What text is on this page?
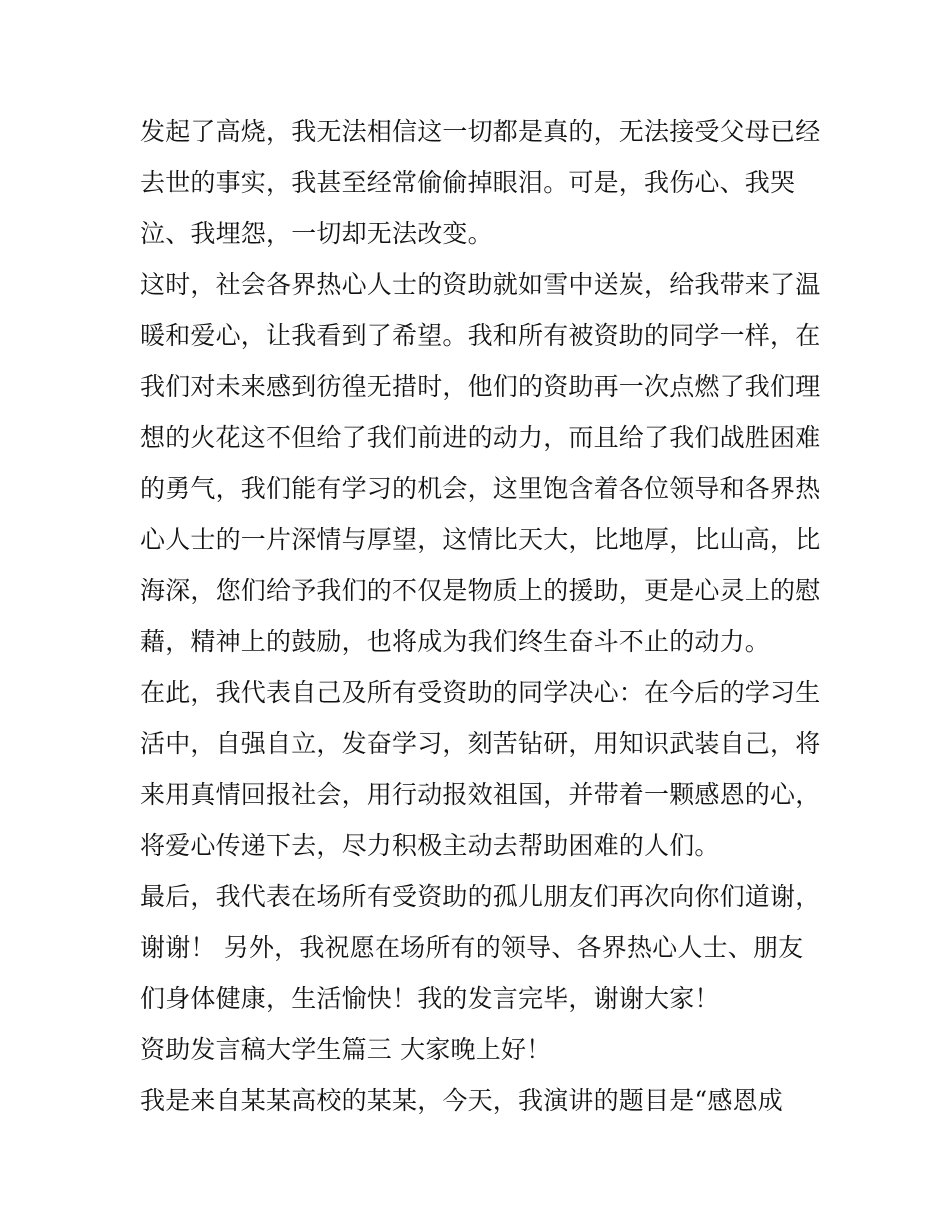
发起了高烧，我无法相信这一切都是真的，无法接受父母已经
去世的事实，我甚至经常偷偷掉眼泪。可是，我伤心、我哭
泣、我埋怨，一切却无法改变。
这时，社会各界热心人士的资助就如雪中送炭，给我带来了温
暖和爱心，让我看到了希望。我和所有被资助的同学一样，在
我们对未来感到彷徨无措时，他们的资助再一次点燃了我们理
想的火花这不但给了我们前进的动力，而且给了我们战胜困难
的勇气，我们能有学习的机会，这里饱含着各位领导和各界热
心人士的一片深情与厚望，这情比天大，比地厚，比山高，比
海深，您们给予我们的不仅是物质上的援助，更是心灵上的慰
藉，精神上的鼓励，也将成为我们终生奋斗不止的动力。
在此，我代表自己及所有受资助的同学决心：在今后的学习生
活中，自强自立，发奋学习，刻苦钻研，用知识武装自己，将
来用真情回报社会，用行动报效祖国，并带着一颗感恩的心，
将爱心传递下去，尽力积极主动去帮助困难的人们。
最后，我代表在场所有受资助的孤儿朋友们再次向你们道谢，
谢谢！ 另外，我祝愿在场所有的领导、各界热心人士、朋友
们身体健康，生活愉快！我的发言完毕，谢谢大家！
资助发言稿大学生篇三 大家晚上好！
我是来自某某高校的某某，今天，我演讲的题目是“感恩成
